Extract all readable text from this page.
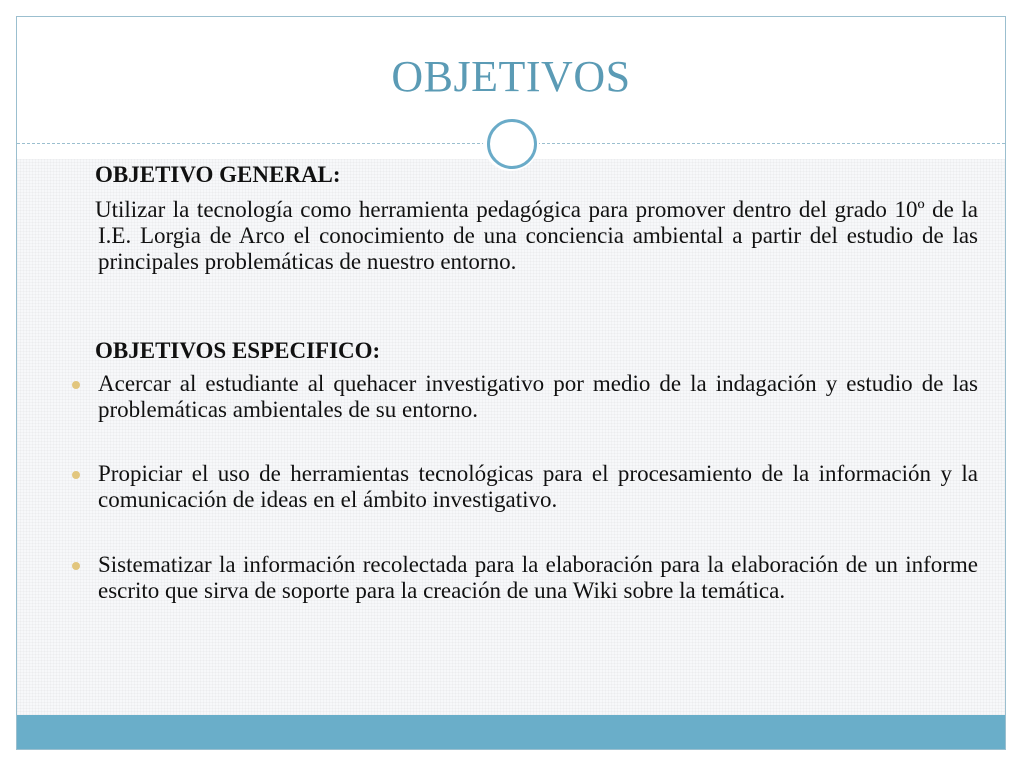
OBJETIVOS
OBJETIVO GENERAL:
Utilizar la tecnología como herramienta pedagógica para promover dentro del grado 10º de la I.E. Lorgia de Arco el conocimiento de una conciencia ambiental a partir del estudio de las principales problemáticas de nuestro entorno.
OBJETIVOS ESPECIFICO:
Acercar al estudiante al quehacer investigativo por medio de la indagación y estudio de las problemáticas ambientales de su entorno.
Propiciar el uso de herramientas tecnológicas para el procesamiento de la información y la comunicación de ideas en el ámbito investigativo.
Sistematizar la información recolectada para la elaboración para la elaboración de un informe escrito que sirva de soporte para la creación de una Wiki sobre la temática.
